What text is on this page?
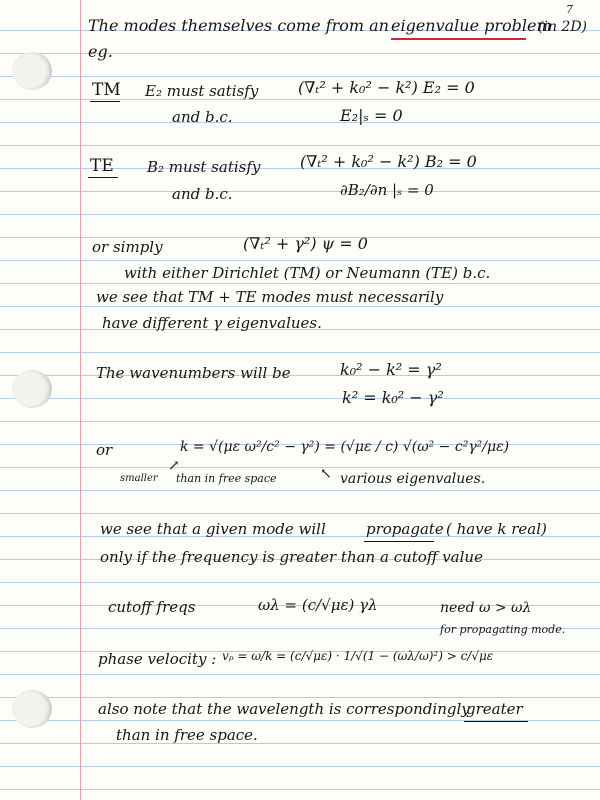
7
The modes themselves come from an eigenvalue problem
(in 2D)
eg.
TM E₂ must satisfy
and b.c.
(∇ₜ² + k₀² − k²) E₂ = 0
E₂|ₛ = 0
TE B₂ must satisfy
and b.c.
(∇ₜ² + k₀² − k²) B₂ = 0
∂B₂/∂n |ₛ = 0
or simply	(∇ₜ² + γ²) ψ = 0
with either Dirichlet (TM) or Neumann (TE) b.c.
we see that TM + TE modes must necessarily
have different γ eigenvalues.
The wavenumbers will be	k₀² − k² = γ²
k² = k₀² − γ²
or	k = √(με ω²/c² − γ²) = (√με / c) √(ω² − c²γ²/με)
smaller
↗
than in free space	↖ various eigenvalues.
we see that a given mode will	propagate ( have k real)
only if the frequency is greater than a cutoff value
cutoff freqs	ωλ = (c/√με) γλ	need ω > ωλ
for propagating mode.
phase velocity : vₚ = ω/k = (c/√με) · 1/√(1 − (ωλ/ω)²) > c/√με
also note that the wavelength is correspondingly
greater
than in free space.
